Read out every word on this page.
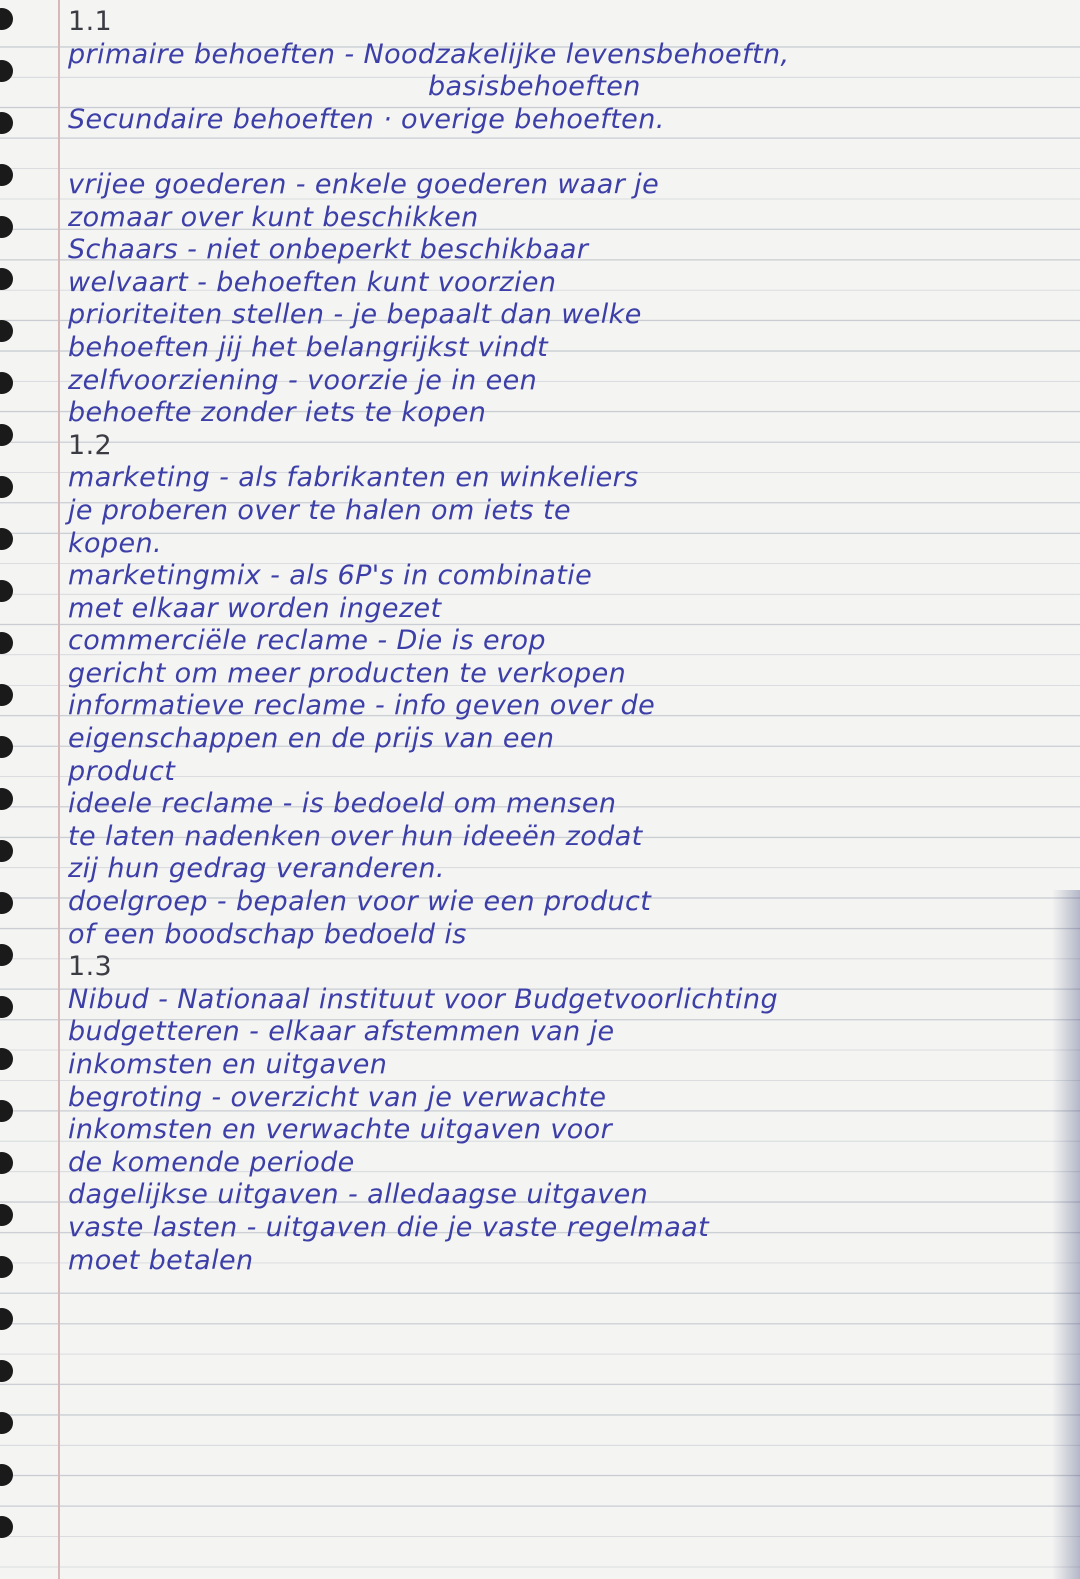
1.1
primaire behoeften - Noodzakelijke levensbehoeftn,
basisbehoeften
Secundaire behoeften · overige behoeften.
vrijee goederen - enkele goederen waar je
zomaar over kunt beschikken
Schaars - niet onbeperkt beschikbaar
welvaart - behoeften kunt voorzien
prioriteiten stellen - je bepaalt dan welke
behoeften jij het belangrijkst vindt
zelfvoorziening - voorzie je in een
behoefte zonder iets te kopen
1.2
marketing - als fabrikanten en winkeliers
je proberen over te halen om iets te
kopen.
marketingmix - als 6P's in combinatie
met elkaar worden ingezet
commerciële reclame - Die is erop
gericht om meer producten te verkopen
informatieve reclame - info geven over de
eigenschappen en de prijs van een
product
ideele reclame - is bedoeld om mensen
te laten nadenken over hun ideeën zodat
zij hun gedrag veranderen.
doelgroep - bepalen voor wie een product
of een boodschap bedoeld is
1.3
Nibud - Nationaal instituut voor Budgetvoorlichting
budgetteren - elkaar afstemmen van je
inkomsten en uitgaven
begroting - overzicht van je verwachte
inkomsten en verwachte uitgaven voor
de komende periode
dagelijkse uitgaven - alledaagse uitgaven
vaste lasten - uitgaven die je vaste regelmaat
moet betalen
